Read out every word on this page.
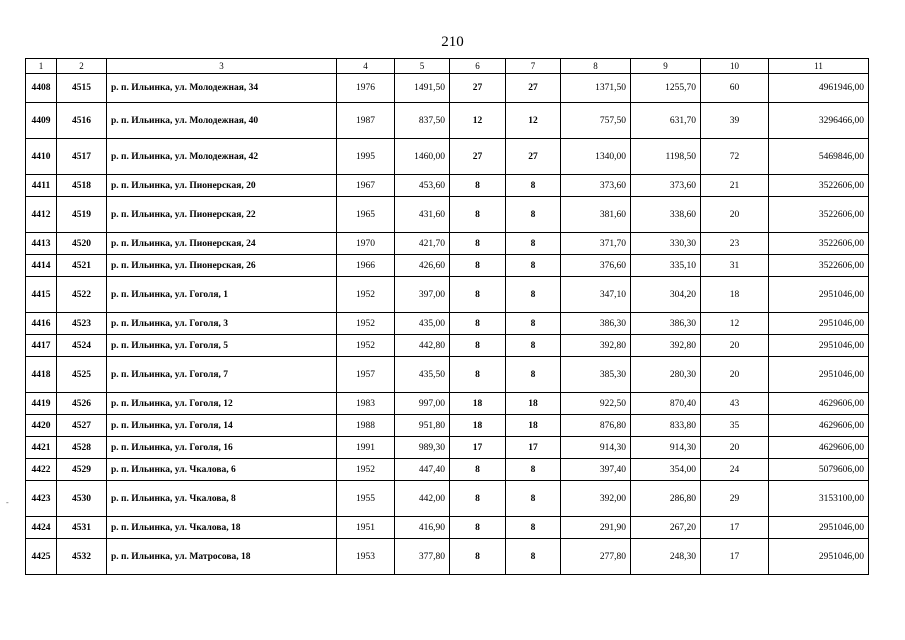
210
-
1	2	3	4	5	6	7	8	9	10	11
4408	4515	р. п. Ильинка, ул. Молодежная, 34	1976	1491,50	27	27	1371,50	1255,70	60	4961946,00
4409	4516	р. п. Ильинка, ул. Молодежная, 40	1987	837,50	12	12	757,50	631,70	39	3296466,00
4410	4517	р. п. Ильинка, ул. Молодежная, 42	1995	1460,00	27	27	1340,00	1198,50	72	5469846,00
4411	4518	р. п. Ильинка, ул. Пионерская, 20	1967	453,60	8	8	373,60	373,60	21	3522606,00
4412	4519	р. п. Ильинка, ул. Пионерская, 22	1965	431,60	8	8	381,60	338,60	20	3522606,00
4413	4520	р. п. Ильинка, ул. Пионерская, 24	1970	421,70	8	8	371,70	330,30	23	3522606,00
4414	4521	р. п. Ильинка, ул. Пионерская, 26	1966	426,60	8	8	376,60	335,10	31	3522606,00
4415	4522	р. п. Ильинка, ул. Гоголя, 1	1952	397,00	8	8	347,10	304,20	18	2951046,00
4416	4523	р. п. Ильинка, ул. Гоголя, 3	1952	435,00	8	8	386,30	386,30	12	2951046,00
4417	4524	р. п. Ильинка, ул. Гоголя, 5	1952	442,80	8	8	392,80	392,80	20	2951046,00
4418	4525	р. п. Ильинка, ул. Гоголя, 7	1957	435,50	8	8	385,30	280,30	20	2951046,00
4419	4526	р. п. Ильинка, ул. Гоголя, 12	1983	997,00	18	18	922,50	870,40	43	4629606,00
4420	4527	р. п. Ильинка, ул. Гоголя, 14	1988	951,80	18	18	876,80	833,80	35	4629606,00
4421	4528	р. п. Ильинка, ул. Гоголя, 16	1991	989,30	17	17	914,30	914,30	20	4629606,00
4422	4529	р. п. Ильинка, ул. Чкалова, 6	1952	447,40	8	8	397,40	354,00	24	5079606,00
4423	4530	р. п. Ильинка, ул. Чкалова, 8	1955	442,00	8	8	392,00	286,80	29	3153100,00
4424	4531	р. п. Ильинка, ул. Чкалова, 18	1951	416,90	8	8	291,90	267,20	17	2951046,00
4425	4532	р. п. Ильинка, ул. Матросова, 18	1953	377,80	8	8	277,80	248,30	17	2951046,00
